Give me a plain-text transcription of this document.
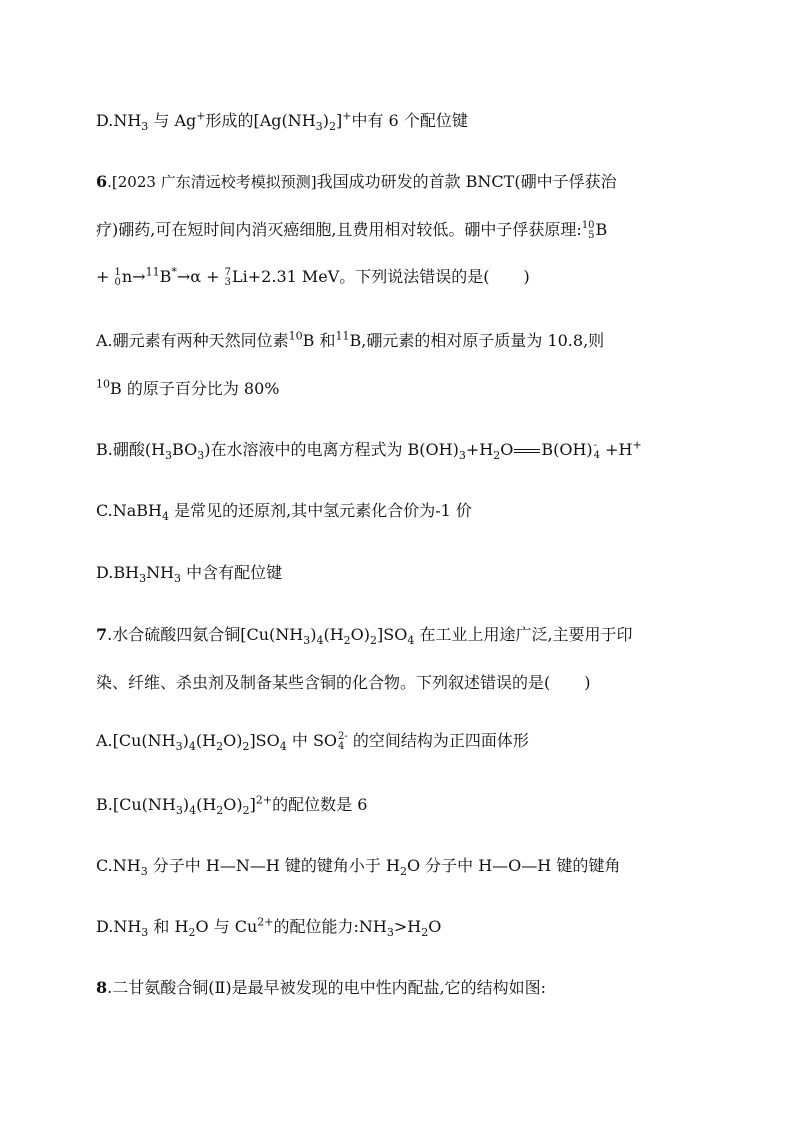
$D.NH_3$ 与 Ag+形成的$[Ag(NH_3)_2]^+$中有 6 个配位键
6.[2023 广东清远校考模拟预测]我国成功研发的首款 BNCT(硼中子俘获治
疗)硼药,可在短时间内消灭癌细胞,且费用相对较低。硼中子俘获原理: 10
5 B
+ 1
0 n→$^{11}$B*→α + 7
3 Li+2.31 MeV。下列说法错误的是( )
A.硼元素有两种天然同位素$^{10}$B 和$^{11}$B,硼元素的相对原子质量为 10.8,则
$^{10}$B 的原子百分比为 80%
B.硼酸$(H_3BO_3)$在水溶液中的电离方程式为 $B(OH)_3+H_2O$ B(OH) -
4 +H+
C.NaBH$_4$ 是常见的还原剂,其中氢元素化合价为-1 价
$D.BH_3NH_3$ 中含有配位键
7.水合硫酸四氨合铜$[Cu(NH_3)_4(H_2O)_2]SO_4$ 在工业上用途广泛,主要用于印
染、纤维、杀虫剂及制备某些含铜的化合物。下列叙述错误的是( )
$A.[Cu(NH_3)_4(H_2O)_2]SO_4$ 中 SO 2-
4 的空间结构为正四面体形
$B.[Cu(NH_3)_4(H_2O)_2]^{2+}$的配位数是 6
$C.NH_3$ 分子中 H—N—H 键的键角小于 $H_2O$ 分子中 H—O—H 键的键角
$D.NH_3$ 和 $H_2O$ 与 $Cu^{2+}$的配位能力$:NH_3>H_2O$
8.二甘氨酸合铜(Ⅱ)是最早被发现的电中性内配盐,它的结构如图:
